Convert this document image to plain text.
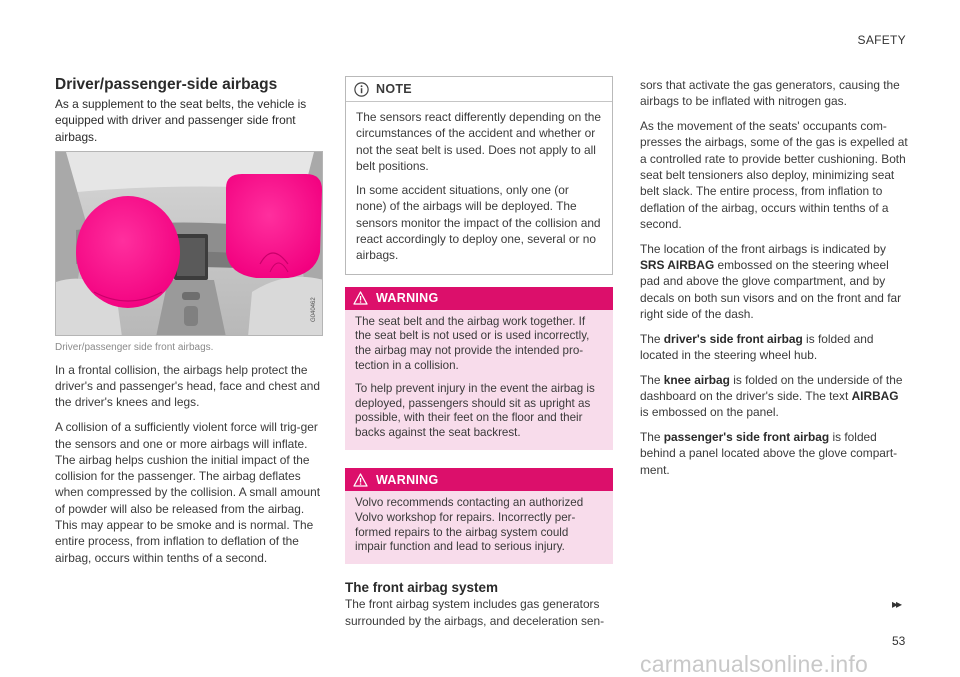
SAFETY
Driver/passenger-side airbags

As a supplement to the seat belts, the vehicle is equipped with driver and passenger side front airbags.

G040462
Driver/passenger side front airbags.

In a frontal collision, the airbags help protect the driver's and passenger's head, face and chest and the driver's knees and legs.

A collision of a sufficiently violent force will trig-ger the sensors and one or more airbags will inflate. The airbag helps cushion the initial impact of the collision for the passenger. The airbag deflates when compressed by the collision. A small amount of powder will also be released from the airbag. This may appear to be smoke and is normal. The entire process, from inflation to deflation of the airbag, occurs within tenths of a second.

NOTE

The sensors react differently depending on the circumstances of the accident and whether or not the seat belt is used. Does not apply to all belt positions.

In some accident situations, only one (or none) of the airbags will be deployed. The sensors monitor the impact of the collision and react accordingly to deploy one, several or no airbags.

WARNING

The seat belt and the airbag work together. If the seat belt is not used or is used incorrectly, the airbag may not provide the intended pro-tection in a collision.

To help prevent injury in the event the airbag is deployed, passengers should sit as upright as possible, with their feet on the floor and their backs against the seat backrest.

WARNING

Volvo recommends contacting an authorized Volvo workshop for repairs. Incorrectly per-formed repairs to the airbag system could impair function and lead to serious injury.

The front airbag system

The front airbag system includes gas generators surrounded by the airbags, and deceleration sen-

sors that activate the gas generators, causing the airbags to be inflated with nitrogen gas.

As the movement of the seats' occupants com-presses the airbags, some of the gas is expelled at a controlled rate to provide better cushioning. Both seat belt tensioners also deploy, minimizing seat belt slack. The entire process, from inflation to deflation of the airbag, occurs within tenths of a second.

The location of the front airbags is indicated by SRS AIRBAG embossed on the steering wheel pad and above the glove compartment, and by decals on both sun visors and on the front and far right side of the dash.

The driver's side front airbag is folded and located in the steering wheel hub.

The knee airbag is folded on the underside of the dashboard on the driver's side. The text AIRBAG is embossed on the panel.

The passenger's side front airbag is folded behind a panel located above the glove compart-ment.

▸▸
53
carmanualsonline.info
